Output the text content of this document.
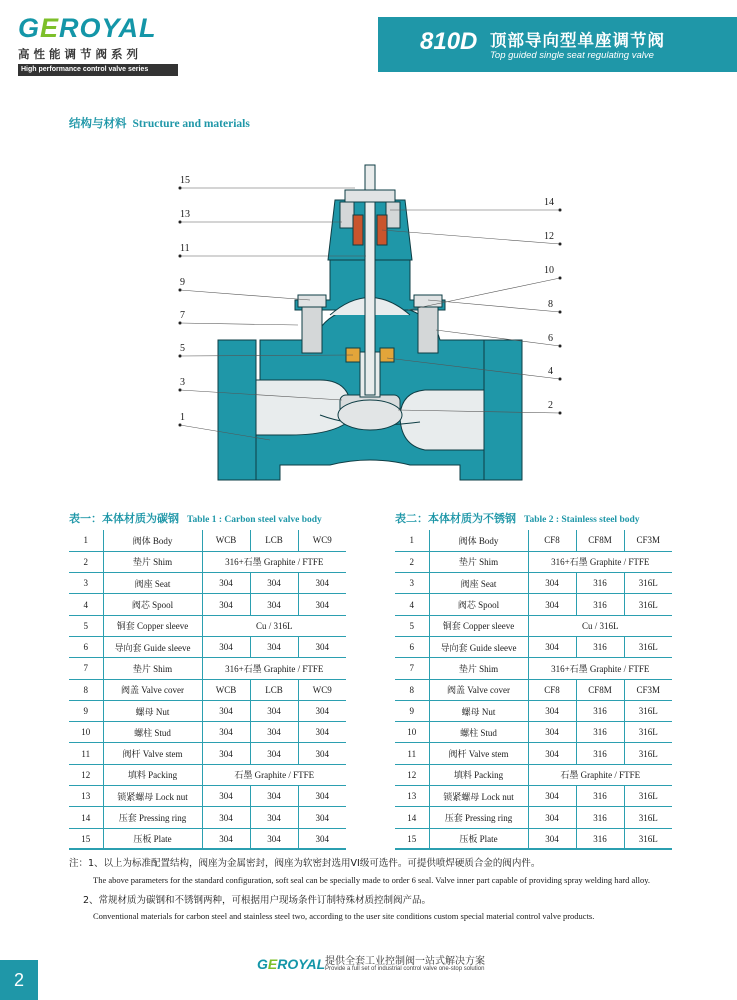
GEROYAL
高性能调节阀系列
High performance control valve series
810D 顶部导向型单座调节阀
Top guided single seat regulating valve
结构与材料 Structure and materials
15
13
11
9
7
5
3
1
14
12
10
8
6
4
2
表一：本体材质为碳钢 Table 1 : Carbon steel valve body	表二：本体材质为不锈钢 Table 2 : Stainless steel body
1	阀体 Body	WCB	LCB	WC9
2	垫片 Shim	316+石墨 Graphite / FTFE		
3	阀座 Seat	304	304	304
4	阀芯 Spool	304	304	304
5	铜套 Copper sleeve	Cu / 316L		
6	导向套 Guide sleeve	304	304	304
7	垫片 Shim	316+石墨 Graphite / FTFE		
8	阀盖 Valve cover	WCB	LCB	WC9
9	螺母 Nut	304	304	304
10	螺柱 Stud	304	304	304
11	阀杆 Valve stem	304	304	304
12	填料 Packing	石墨 Graphite / FTFE		
13	锁紧螺母 Lock nut	304	304	304
14	压套 Pressing ring	304	304	304
15	压板 Plate	304	304	304
1	阀体 Body	CF8	CF8M	CF3M
2	垫片 Shim	316+石墨 Graphite / FTFE		
3	阀座 Seat	304	316	316L
4	阀芯 Spool	304	316	316L
5	铜套 Copper sleeve	Cu / 316L		
6	导向套 Guide sleeve	304	316	316L
7	垫片 Shim	316+石墨 Graphite / FTFE		
8	阀盖 Valve cover	CF8	CF8M	CF3M
9	螺母 Nut	304	316	316L
10	螺柱 Stud	304	316	316L
11	阀杆 Valve stem	304	316	316L
12	填料 Packing	石墨 Graphite / FTFE		
13	锁紧螺母 Lock nut	304	316	316L
14	压套 Pressing ring	304	316	316L
15	压板 Plate	304	316	316L
注：1、以上为标准配置结构，阀座为金属密封，阀座为软密封选用VI级可选件。可提供喷焊硬质合金的阀内件。
The above parameters for the standard configuration, soft seal can be specially made to order 6 seal. Valve inner part capable of providing spray welding hard alloy.
2、常规材质为碳钢和不锈钢两种，可根据用户现场条件订制特殊材质控制阀产品。
Conventional materials for carbon steel and stainless steel two, according to the user site conditions custom special material control valve products.
2
GEROYAL 提供全套工业控制阀一站式解决方案
Provide a full set of industrial control valve one-stop solution
